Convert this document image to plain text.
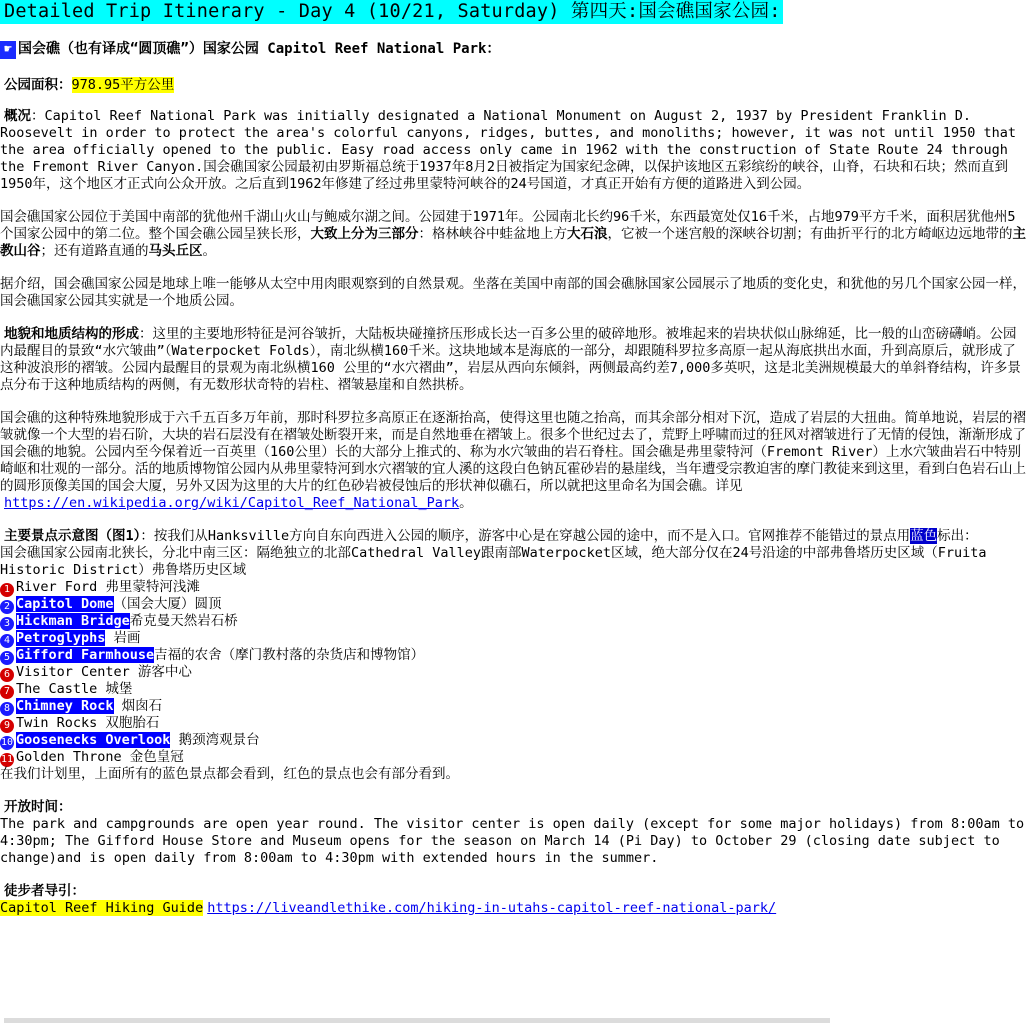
Detailed Trip Itinerary - Day 4 (10/21, Saturday) 第四天:国会礁国家公园:
☛ 国会礁（也有译成“圆顶礁”）国家公园 Capitol Reef National Park：
公园面积：978.95平方公里

概况：Capitol Reef National Park was initially designated a National Monument on August 2, 1937 by President Franklin D. Roosevelt in order to protect the area's colorful canyons, ridges, buttes, and monoliths; however, it was not until 1950 that the area officially opened to the public. Easy road access only came in 1962 with the construction of State Route 24 through the Fremont River Canyon.国会礁国家公园最初由罗斯福总统于1937年8月2日被指定为国家纪念碑，以保护该地区五彩缤纷的峡谷，山脊，石块和石块；然而直到1950年，这个地区才正式向公众开放。之后直到1962年修建了经过弗里蒙特河峡谷的24号国道，才真正开始有方便的道路进入到公园。

国会礁国家公园位于美国中南部的犹他州千湖山火山与鲍威尔湖之间。公园建于1971年。公园南北长约96千米，东西最宽处仅16千米，占地979平方千米，面积居犹他州5个国家公园中的第二位。整个国会礁公园呈狭长形，大致上分为三部分：格林峡谷中蛙盆地上方大石浪，它被一个迷宫般的深峡谷切割；有曲折平行的北方崎岖边远地带的主教山谷；还有道路直通的马头丘区。

据介绍，国会礁国家公园是地球上唯一能够从太空中用肉眼观察到的自然景观。坐落在美国中南部的国会礁脉国家公园展示了地质的变化史，和犹他的另几个国家公园一样，国会礁国家公园其实就是一个地质公园。

地貌和地质结构的形成：这里的主要地形特征是河谷皱折，大陆板块碰撞挤压形成长达一百多公里的破碎地形。被堆起来的岩块状似山脉绵延，比一般的山峦磅礴峭。公园内最醒目的景致“水穴皱曲”（Waterpocket Folds），南北纵横160千米。这块地域本是海底的一部分，却跟随科罗拉多高原一起从海底拱出水面，升到高原后，就形成了这种波浪形的褶皱。公园内最醒目的景观为南北纵横160 公里的“水穴褶曲”，岩层从西向东倾斜，两侧最高约差7,000多英呎，这是北美洲规模最大的单斜脊结构，许多景点分布于这种地质结构的两侧，有无数形状奇特的岩柱、褶皱悬崖和自然拱桥。

国会礁的这种特殊地貌形成于六千五百多万年前，那时科罗拉多高原正在逐渐抬高，使得这里也随之抬高，而其余部分相对下沉，造成了岩层的大扭曲。简单地说，岩层的褶皱就像一个大型的岩石阶，大块的岩石层没有在褶皱处断裂开来，而是自然地垂在褶皱上。很多个世纪过去了，荒野上呼啸而过的狂风对褶皱进行了无情的侵蚀，渐渐形成了国会礁的地貌。公园内至今保着近一百英里（160公里）长的大部分上推式的、称为水穴皱曲的岩石脊柱。国会礁是弗里蒙特河（Fremont River）上水穴皱曲岩石中特别崎岖和壮观的一部分。活的地质博物馆公园内从弗里蒙特河到水穴褶皱的宜人溪的这段白色钠瓦霍砂岩的悬崖线，当年遭受宗教迫害的摩门教徒来到这里，看到白色岩石山上的圆形顶像美国的国会大厦，另外又因为这里的大片的红色砂岩被侵蚀后的形状神似礁石，所以就把这里命名为国会礁。详见
https://en.wikipedia.org/wiki/Capitol_Reef_National_Park。

主要景点示意图（图1）：按我们从Hanksville方向自东向西进入公园的顺序，游客中心是在穿越公园的途中，而不是入口。官网推荐不能错过的景点用蓝色标出：

国会礁国家公园南北狭长，分北中南三区：隔绝独立的北部Cathedral Valley跟南部Waterpocket区域，绝大部分仅在24号沿途的中部弗鲁塔历史区域（Fruita Historic District）弗鲁塔历史区域

1 River Ford 弗里蒙特河浅滩
2 Capitol Dome（国会大厦）圆顶
3 Hickman Bridge希克曼天然岩石桥
4 Petroglyphs 岩画
5 Gifford Farmhouse吉福的农舍（摩门教村落的杂货店和博物馆）
6 Visitor Center 游客中心
7 The Castle 城堡
8 Chimney Rock 烟囱石
9 Twin Rocks 双胞胎石
10 Goosenecks Overlook 鹅颈湾观景台
11 Golden Throne 金色皇冠

在我们计划里，上面所有的蓝色景点都会看到，红色的景点也会有部分看到。

开放时间：

The park and campgrounds are open year round. The visitor center is open daily (except for some major holidays) from 8:00am to 4:30pm; The Gifford House Store and Museum opens for the season on March 14 (Pi Day) to October 29 (closing date subject to change)and is open daily from 8:00am to 4:30pm with extended hours in the summer.

徒步者导引：

Capitol Reef Hiking Guide https://liveandlethike.com/hiking-in-utahs-capitol-reef-national-park/
